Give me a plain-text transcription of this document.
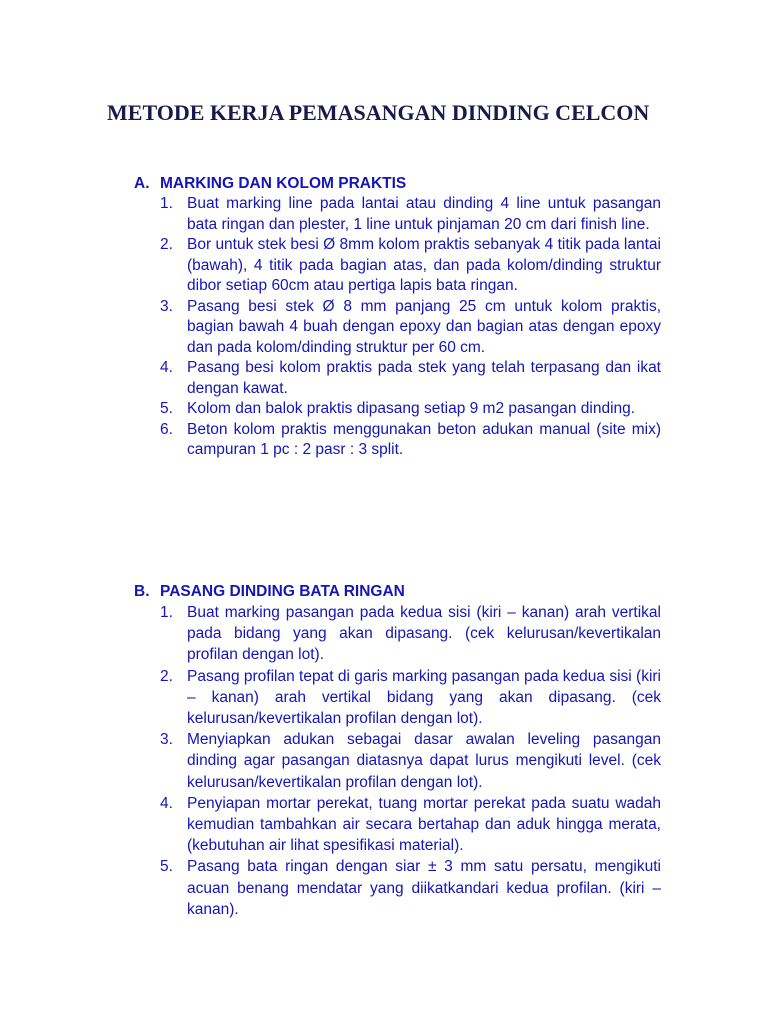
METODE KERJA PEMASANGAN DINDING CELCON
A. MARKING DAN KOLOM PRAKTIS
1. Buat marking line pada lantai atau dinding 4 line untuk pasangan bata ringan dan plester, 1 line untuk pinjaman 20 cm dari finish line.
2. Bor untuk stek besi Ø 8mm kolom praktis sebanyak 4 titik pada lantai (bawah), 4 titik pada bagian atas, dan pada kolom/dinding struktur dibor setiap 60cm atau pertiga lapis bata ringan.
3. Pasang besi stek Ø 8 mm panjang 25 cm untuk kolom praktis, bagian bawah 4 buah dengan epoxy dan bagian atas dengan epoxy dan pada kolom/dinding struktur per 60 cm.
4. Pasang besi kolom praktis pada stek yang telah terpasang dan ikat dengan kawat.
5. Kolom dan balok praktis dipasang setiap 9 m2 pasangan dinding.
6. Beton kolom praktis menggunakan beton adukan manual (site mix) campuran 1 pc : 2 pasr : 3 split.
B. PASANG DINDING BATA RINGAN
1. Buat marking pasangan pada kedua sisi (kiri – kanan) arah vertikal pada bidang yang akan dipasang. (cek kelurusan/kevertikalan profilan dengan lot).
2. Pasang profilan tepat di garis marking pasangan pada kedua sisi (kiri – kanan) arah vertikal bidang yang akan dipasang. (cek kelurusan/kevertikalan profilan dengan lot).
3. Menyiapkan adukan sebagai dasar awalan leveling pasangan dinding agar pasangan diatasnya dapat lurus mengikuti level. (cek kelurusan/kevertikalan profilan dengan lot).
4. Penyiapan mortar perekat, tuang mortar perekat pada suatu wadah kemudian tambahkan air secara bertahap dan aduk hingga merata, (kebutuhan air lihat spesifikasi material).
5. Pasang bata ringan dengan siar ± 3 mm satu persatu, mengikuti acuan benang mendatar yang diikatkandari kedua profilan. (kiri – kanan).
